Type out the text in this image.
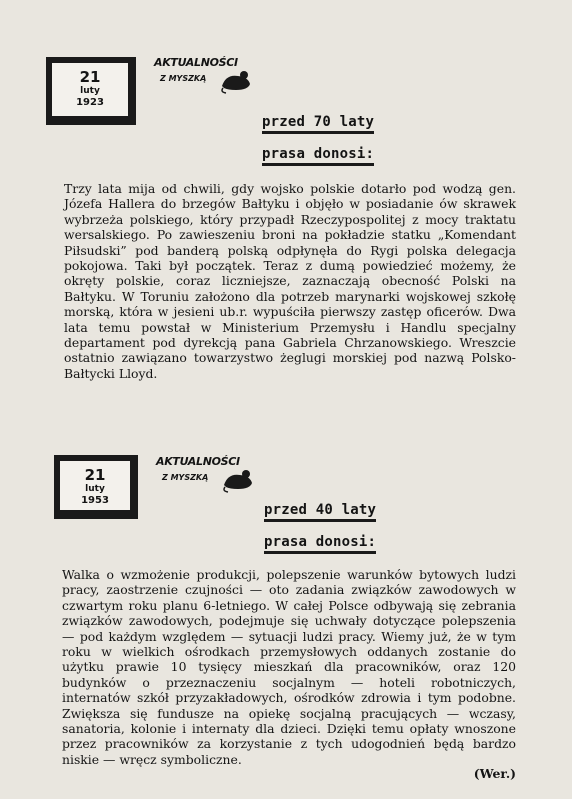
21
luty
1923
AKTUALNOŚCI
Z MYSZKĄ
przed 70 laty
prasa donosi:
Trzy lata mija od chwili, gdy wojsko polskie dotarło pod wodzą gen. Józefa Hallera do brzegów Bałtyku i objęło w posiadanie ów skrawek wybrzeża polskiego, który przypadł Rzeczypospolitej z mocy traktatu wersalskiego. Po zawieszeniu broni na pokładzie statku „Komendant Piłsudski” pod banderą polską odpłynęła do Rygi polska delegacja pokojowa. Taki był początek. Teraz z dumą powiedzieć możemy, że okręty polskie, coraz liczniejsze, zaznaczają obecność Polski na Bałtyku. W Toruniu założono dla potrzeb marynarki wojskowej szkołę morską, która w jesieni ub.r. wypuściła pierwszy zastęp oficerów. Dwa lata temu powstał w Ministerium Przemysłu i Handlu specjalny departament pod dyrekcją pana Gabriela Chrzanowskiego. Wreszcie ostatnio zawiązano towarzystwo żeglugi morskiej pod nazwą Polsko-Bałtycki Lloyd.
21
luty
1953
AKTUALNOŚCI
Z MYSZKĄ
przed 40 laty
prasa donosi:
Walka o wzmożenie produkcji, polepszenie warunków bytowych ludzi pracy, zaostrzenie czujności — oto zadania związków zawodowych w czwartym roku planu 6-letniego. W całej Polsce odbywają się zebrania związków zawodowych, podejmuje się uchwały dotyczące polepszenia — pod każdym względem — sytuacji ludzi pracy. Wiemy już, że w tym roku w wielkich ośrodkach przemysłowych oddanych zostanie do użytku prawie 10 tysięcy mieszkań dla pracowników, oraz 120 budynków o przeznaczeniu socjalnym — hoteli robotniczych, internatów szkół przyzakładowych, ośrodków zdrowia i tym podobne. Zwiększa się fundusze na opiekę socjalną pracujących — wczasy, sanatoria, kolonie i internaty dla dzieci. Dzięki temu opłaty wnoszone przez pracowników za korzystanie z tych udogodnień będą bardzo niskie — wręcz symboliczne.
(Wer.)
